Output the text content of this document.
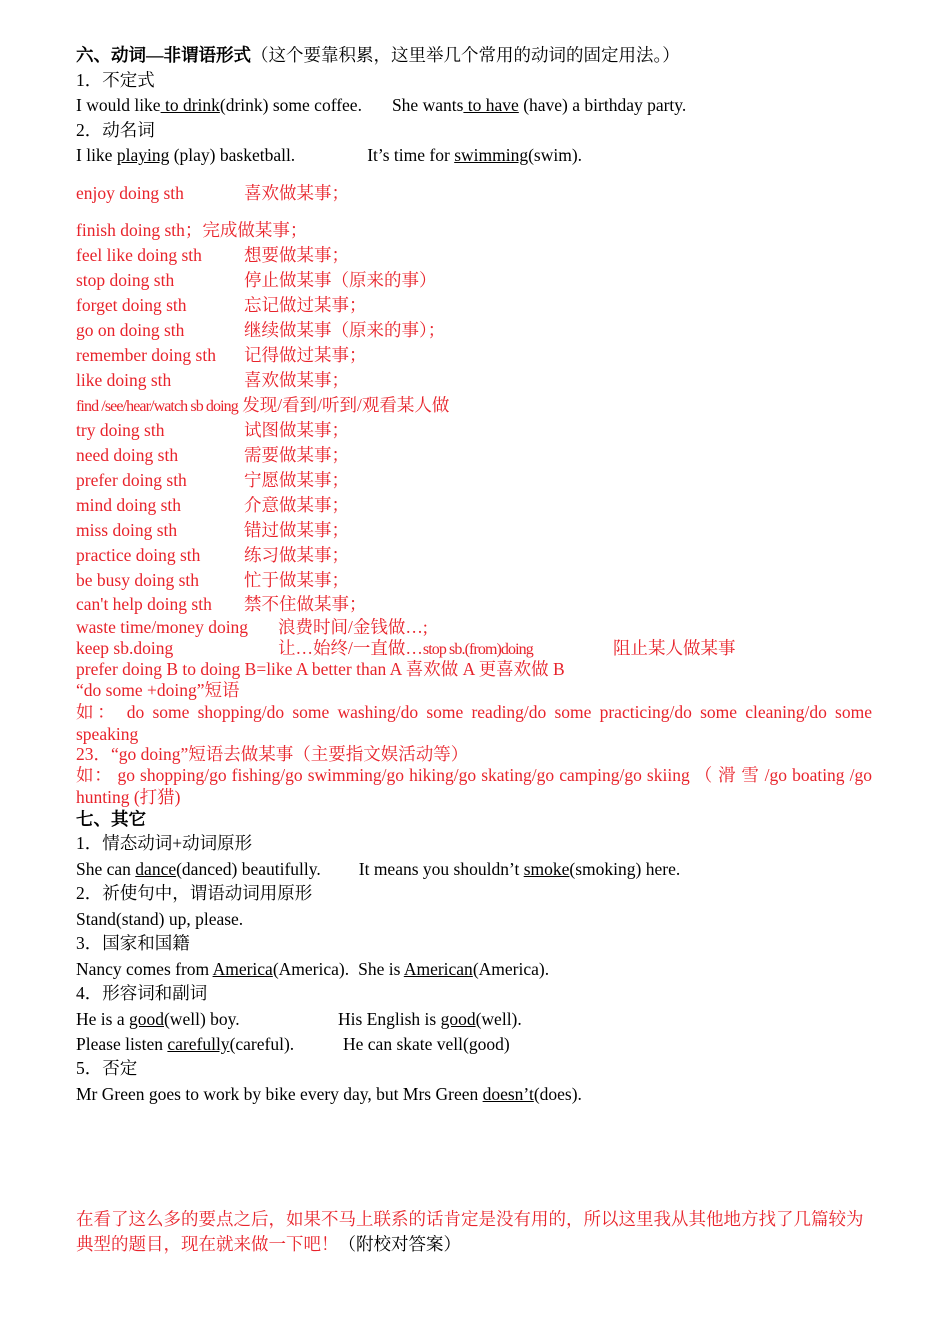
六、动词—非谓语形式（这个要靠积累，这里举几个常用的动词的固定用法。）
1．不定式
I would like to drink(drink) some coffee. She wants to have (have) a birthday party.
2．动名词
I like playing (play) basketball.	It’s time for swimming(swim).
enjoy doing sth	喜欢做某事；
finish doing sth；完成做某事；
feel like doing sth 想要做某事；
stop doing sth	停止做某事（原来的事）
forget doing sth	忘记做过某事；
go on doing sth	继续做某事（原来的事）；
remember doing sth 记得做过某事；
like doing sth	喜欢做某事；
find /see/hear/watch sb doing 发现/看到/听到/观看某人做
try doing sth	试图做某事；
need doing sth	需要做某事；
prefer doing sth	宁愿做某事；
mind doing sth	介意做某事；
miss doing sth	错过做某事；
practice doing sth 练习做某事；
be busy doing sth	忙于做某事；
can't help doing sth 禁不住做某事；
waste time/money doing 浪费时间/金钱做…;
keep sb.doing	让…始终/一直做…stop sb.(from)doing	阻止某人做某事
prefer doing B to doing B=like A better than A 喜欢做 A 更喜欢做 B
“do some +doing”短语
如： do some shopping/do some washing/do some reading/do some practicing/do some cleaning/do some speaking
23．“go doing”短语去做某事（主要指文娱活动等）
如： go shopping/go fishing/go swimming/go hiking/go skating/go camping/go skiing （ 滑 雪 /go boating /go hunting (打猎)
七、其它
1．情态动词+动词原形
She can dance(danced) beautifully. It means you shouldn’t smoke(smoking) here.
2．祈使句中，谓语动词用原形
Stand(stand) up, please.
3．国家和国籍
Nancy comes from America(America). She is American(America).
4．形容词和副词
He is a good(well) boy.	His English is good(well).
Please listen carefully(careful).	He can skate vell(good)
5．否定
Mr Green goes to work by bike every day, but Mrs Green doesn’t(does).
在看了这么多的要点之后，如果不马上联系的话肯定是没有用的，所以这里我从其他地方找了几篇较为典型的题目，现在就来做一下吧！（附校对答案）
